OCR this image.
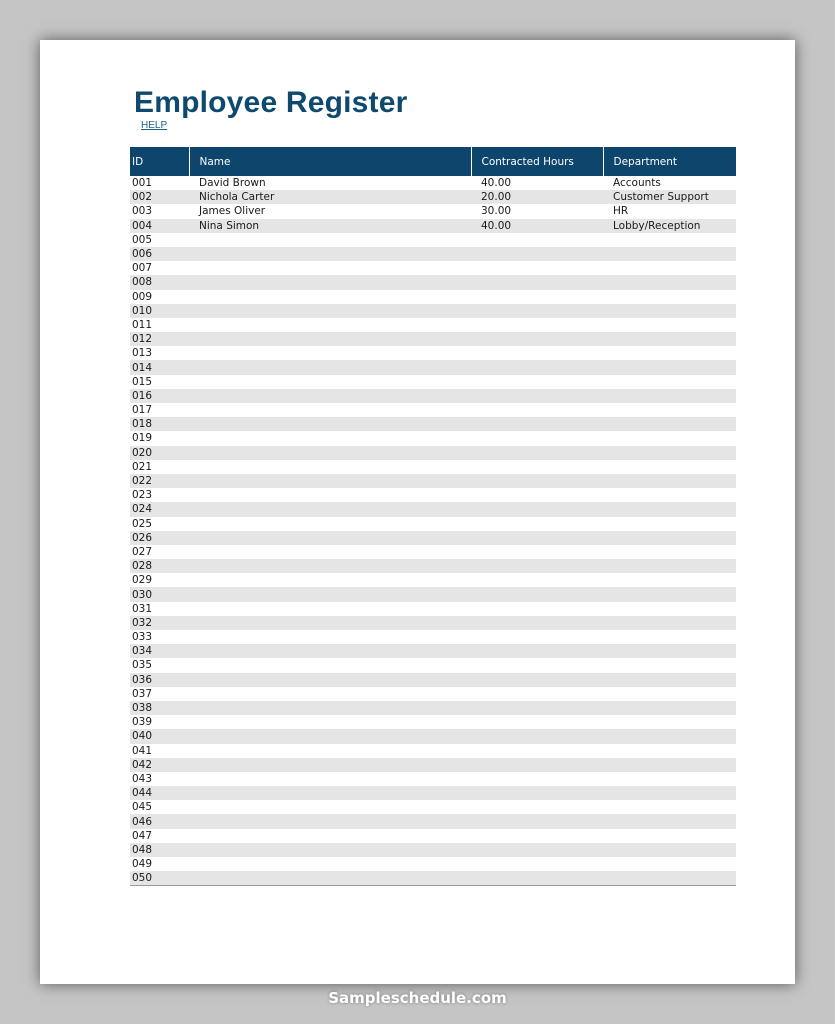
Employee Register
HELP
ID	Name	Contracted Hours	Department
001	David Brown	40.00	Accounts
002	Nichola Carter	20.00	Customer Support
003	James Oliver	30.00	HR
004	Nina Simon	40.00	Lobby/Reception
005			
006			
007			
008			
009			
010			
011			
012			
013			
014			
015			
016			
017			
018			
019			
020			
021			
022			
023			
024			
025			
026			
027			
028			
029			
030			
031			
032			
033			
034			
035			
036			
037			
038			
039			
040			
041			
042			
043			
044			
045			
046			
047			
048			
049			
050			
Sampleschedule.com
